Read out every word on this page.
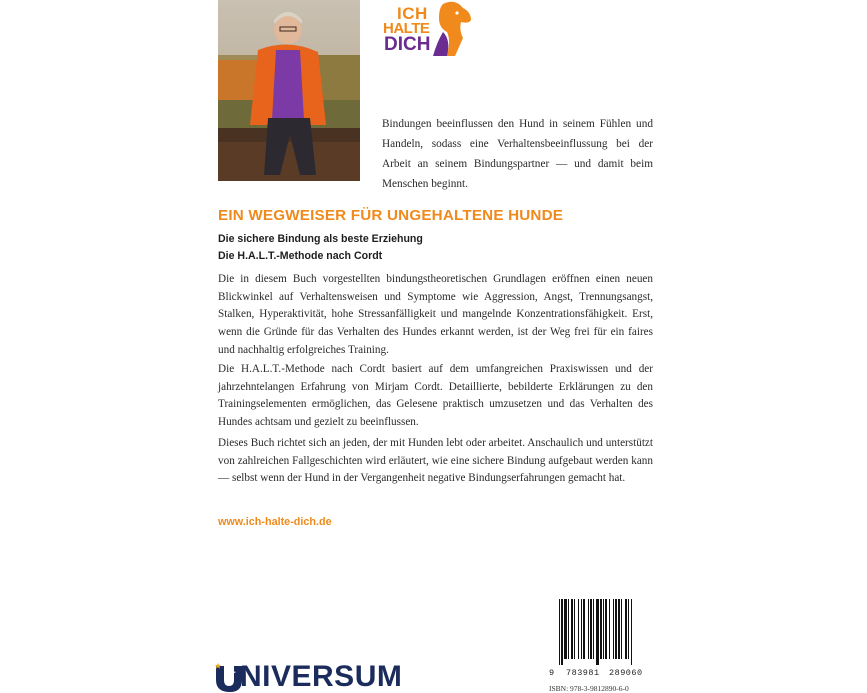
ICH
HALTE
DICH
Bindungen beeinflussen den Hund in seinem Fühlen und Handeln, sodass eine Verhaltensbeeinflussung bei der Arbeit an seinem Bindungspartner — und damit beim Menschen beginnt.
EIN WEGWEISER FÜR UNGEHALTENE HUNDE
Die sichere Bindung als beste Erziehung
Die H.A.L.T.-Methode nach Cordt

Die in diesem Buch vorgestellten bindungstheoretischen Grundlagen eröffnen einen neuen Blickwinkel auf Verhaltensweisen und Symptome wie Aggression, Angst, Trennungsangst, Stalken, Hyperaktivität, hohe Stressanfälligkeit und mangelnde Konzentrationsfähigkeit. Erst, wenn die Gründe für das Verhalten des Hundes erkannt werden, ist der Weg frei für ein faires und nachhaltig erfolgreiches Training.

Die H.A.L.T.-Methode nach Cordt basiert auf dem umfangreichen Praxiswissen und der jahrzehntelangen Erfahrung von Mirjam Cordt. Detaillierte, bebilderte Erklärungen zu den Trainingselementen ermöglichen, das Gelesene praktisch umzusetzen und das Verhalten des Hundes achtsam und gezielt zu beeinflussen.

Dieses Buch richtet sich an jeden, der mit Hunden lebt oder arbeitet. Anschaulich und unterstützt von zahlreichen Fallgeschichten wird erläutert, wie eine sichere Bindung aufgebaut werden kann — selbst wenn der Hund in der Vergangenheit negative Bindungserfahrungen gemacht hat.

www.ich-halte-dich.de
9 783981 289060
ISBN: 978-3-9812890-6-0
NIVERSUM
